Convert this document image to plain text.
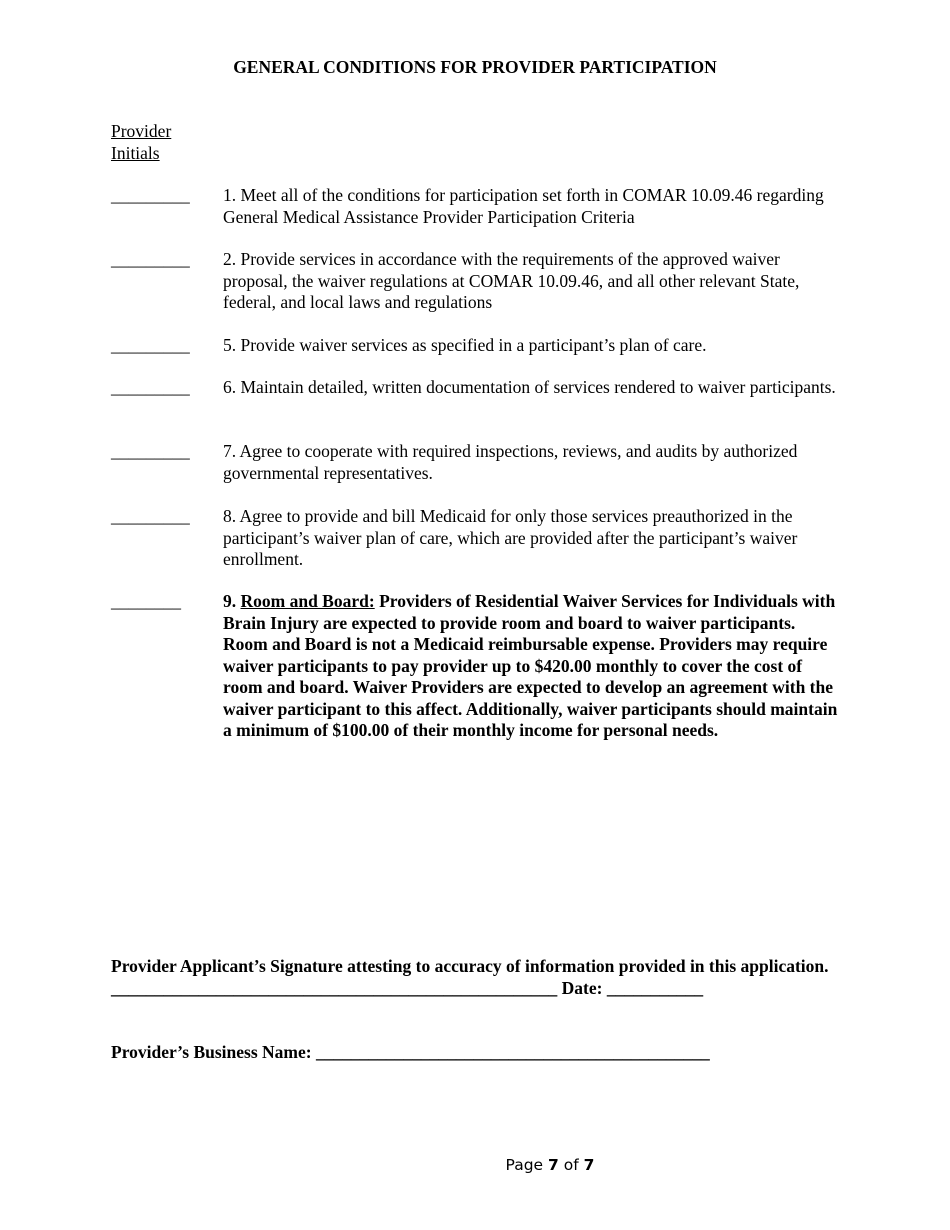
GENERAL CONDITIONS FOR PROVIDER PARTICIPATION
Provider
Initials
_________ 1. Meet all of the conditions for participation set forth in COMAR 10.09.46 regarding General Medical Assistance Provider Participation Criteria
_________ 2. Provide services in accordance with the requirements of the approved waiver proposal, the waiver regulations at COMAR 10.09.46, and all other relevant State, federal, and local laws and regulations
_________ 5. Provide waiver services as specified in a participant’s plan of care.
_________ 6. Maintain detailed, written documentation of services rendered to waiver participants.
_________ 7. Agree to cooperate with required inspections, reviews, and audits by authorized governmental representatives.
_________ 8. Agree to provide and bill Medicaid for only those services preauthorized in the participant’s waiver plan of care, which are provided after the participant’s waiver enrollment.
________ 9. Room and Board: Providers of Residential Waiver Services for Individuals with Brain Injury are expected to provide room and board to waiver participants. Room and Board is not a Medicaid reimbursable expense. Providers may require waiver participants to pay provider up to $420.00 monthly to cover the cost of room and board. Waiver Providers are expected to develop an agreement with the waiver participant to this affect. Additionally, waiver participants should maintain a minimum of $100.00 of their monthly income for personal needs.
Provider Applicant’s Signature attesting to accuracy of information provided in this application.
___________________________________________________ Date: ___________
Provider’s Business Name: _____________________________________________
Page 7 of 7
